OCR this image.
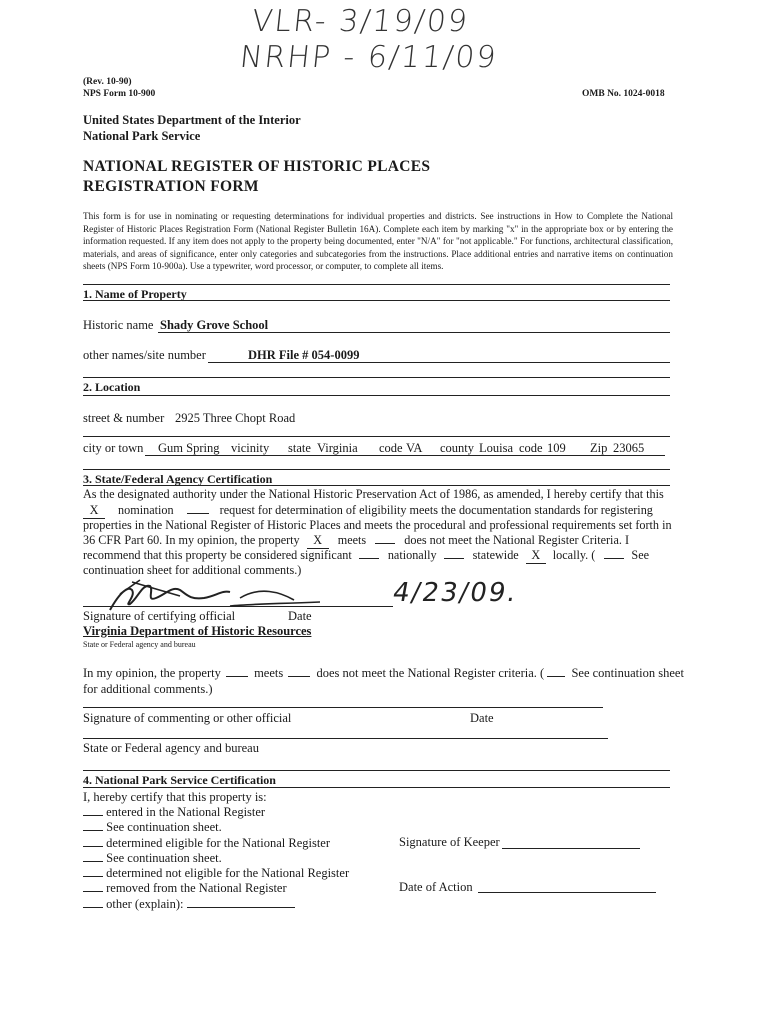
VLR- 3/19/09
NRHP - 6/11/09
(Rev. 10-90)
NPS Form 10-900	OMB No. 1024-0018
United States Department of the Interior
National Park Service
NATIONAL REGISTER OF HISTORIC PLACES
REGISTRATION FORM
This form is for use in nominating or requesting determinations for individual properties and districts. See instructions in How to Complete the National Register of Historic Places Registration Form (National Register Bulletin 16A). Complete each item by marking "x" in the appropriate box or by entering the information requested. If any item does not apply to the property being documented, enter "N/A" for "not applicable." For functions, architectural classification, materials, and areas of significance, enter only categories and subcategories from the instructions. Place additional entries and narrative items on continuation sheets (NPS Form 10-900a). Use a typewriter, word processor, or computer, to complete all items.
1. Name of Property
Historic name Shady Grove School
other names/site number	DHR File # 054-0099
2. Location
street & number 2925 Three Chopt Road
city or town Gum Spring vicinity state Virginia code VA county Louisa code 109 Zip 23065
3. State/Federal Agency Certification
As the designated authority under the National Historic Preservation Act of 1986, as amended, I hereby certify that this
X nomination	request for determination of eligibility meets the documentation standards for registering
properties in the National Register of Historic Places and meets the procedural and professional requirements set forth in
36 CFR Part 60. In my opinion, the property X meets	does not meet the National Register Criteria. I
recommend that this property be considered significant	nationally	statewide X locally. (	See
continuation sheet for additional comments.)
4/23/09.
Signature of certifying official	Date
Virginia Department of Historic Resources
State or Federal agency and bureau
In my opinion, the property	meets	does not meet the National Register criteria. ( See continuation sheet
for additional comments.)
Signature of commenting or other official	Date
State or Federal agency and bureau
4. National Park Service Certification
I, hereby certify that this property is:
entered in the National Register
See continuation sheet.
determined eligible for the National Register
See continuation sheet.
determined not eligible for the National Register
removed from the National Register
other (explain):
Signature of Keeper
Date of Action
